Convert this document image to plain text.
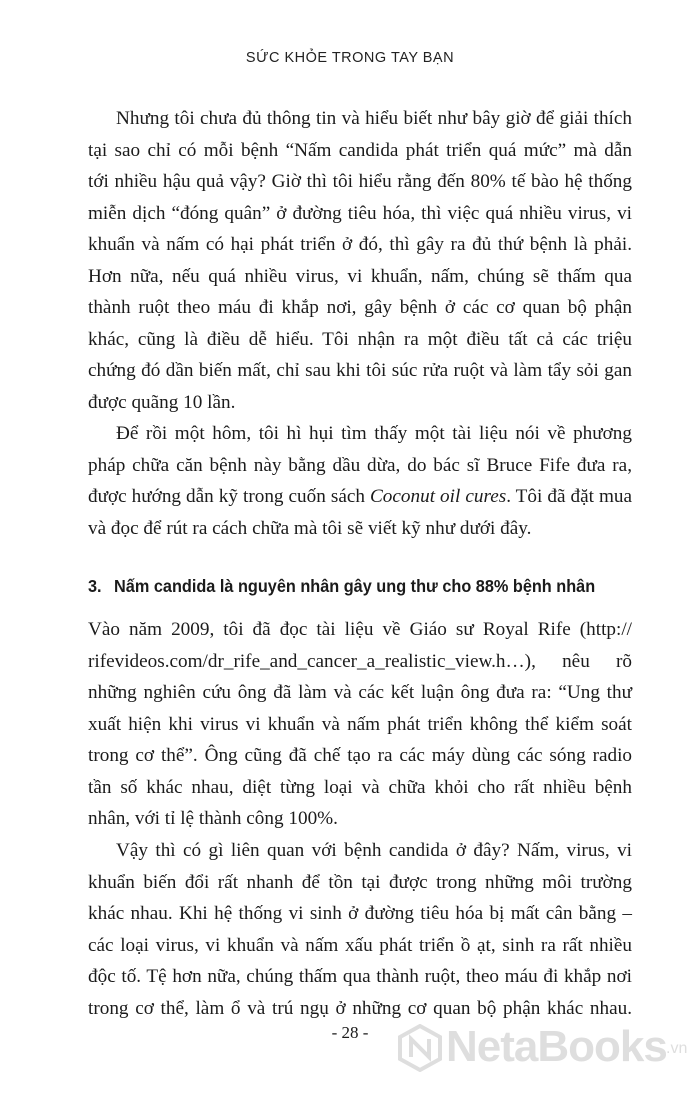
SỨC KHỎE TRONG TAY BẠN
Nhưng tôi chưa đủ thông tin và hiểu biết như bây giờ để giải thích
tại sao chỉ có mỗi bệnh “Nấm candida phát triển quá mức” mà dẫn
tới nhiều hậu quả vậy? Giờ thì tôi hiểu rằng đến 80% tế bào hệ thống
miễn dịch “đóng quân” ở đường tiêu hóa, thì việc quá nhiều virus, vi
khuẩn và nấm có hại phát triển ở đó, thì gây ra đủ thứ bệnh là phải.
Hơn nữa, nếu quá nhiều virus, vi khuẩn, nấm, chúng sẽ thấm qua
thành ruột theo máu đi khắp nơi, gây bệnh ở các cơ quan bộ phận
khác, cũng là điều dễ hiểu. Tôi nhận ra một điều tất cả các triệu
chứng đó dần biến mất, chỉ sau khi tôi súc rửa ruột và làm tẩy sỏi gan
được quãng 10 lần.
Để rồi một hôm, tôi hì hụi tìm thấy một tài liệu nói về phương
pháp chữa căn bệnh này bằng dầu dừa, do bác sĩ Bruce Fife đưa ra,
được hướng dẫn kỹ trong cuốn sách Coconut oil cures. Tôi đã đặt mua
và đọc để rút ra cách chữa mà tôi sẽ viết kỹ như dưới đây.
3. Nấm candida là nguyên nhân gây ung thư cho 88% bệnh nhân
Vào năm 2009, tôi đã đọc tài liệu về Giáo sư Royal Rife (http://
rifevideos.com/dr_rife_and_cancer_a_realistic_view.h…), nêu rõ
những nghiên cứu ông đã làm và các kết luận ông đưa ra: “Ung thư
xuất hiện khi virus vi khuẩn và nấm phát triển không thể kiểm soát
trong cơ thể”. Ông cũng đã chế tạo ra các máy dùng các sóng radio
tần số khác nhau, diệt từng loại và chữa khỏi cho rất nhiều bệnh
nhân, với tỉ lệ thành công 100%.
Vậy thì có gì liên quan với bệnh candida ở đây? Nấm, virus, vi
khuẩn biến đổi rất nhanh để tồn tại được trong những môi trường
khác nhau. Khi hệ thống vi sinh ở đường tiêu hóa bị mất cân bằng –
các loại virus, vi khuẩn và nấm xấu phát triển ồ ạt, sinh ra rất nhiều
độc tố. Tệ hơn nữa, chúng thấm qua thành ruột, theo máu đi khắp nơi
trong cơ thể, làm ổ và trú ngụ ở những cơ quan bộ phận khác nhau.
- 28 -	NetaBooks .vn
